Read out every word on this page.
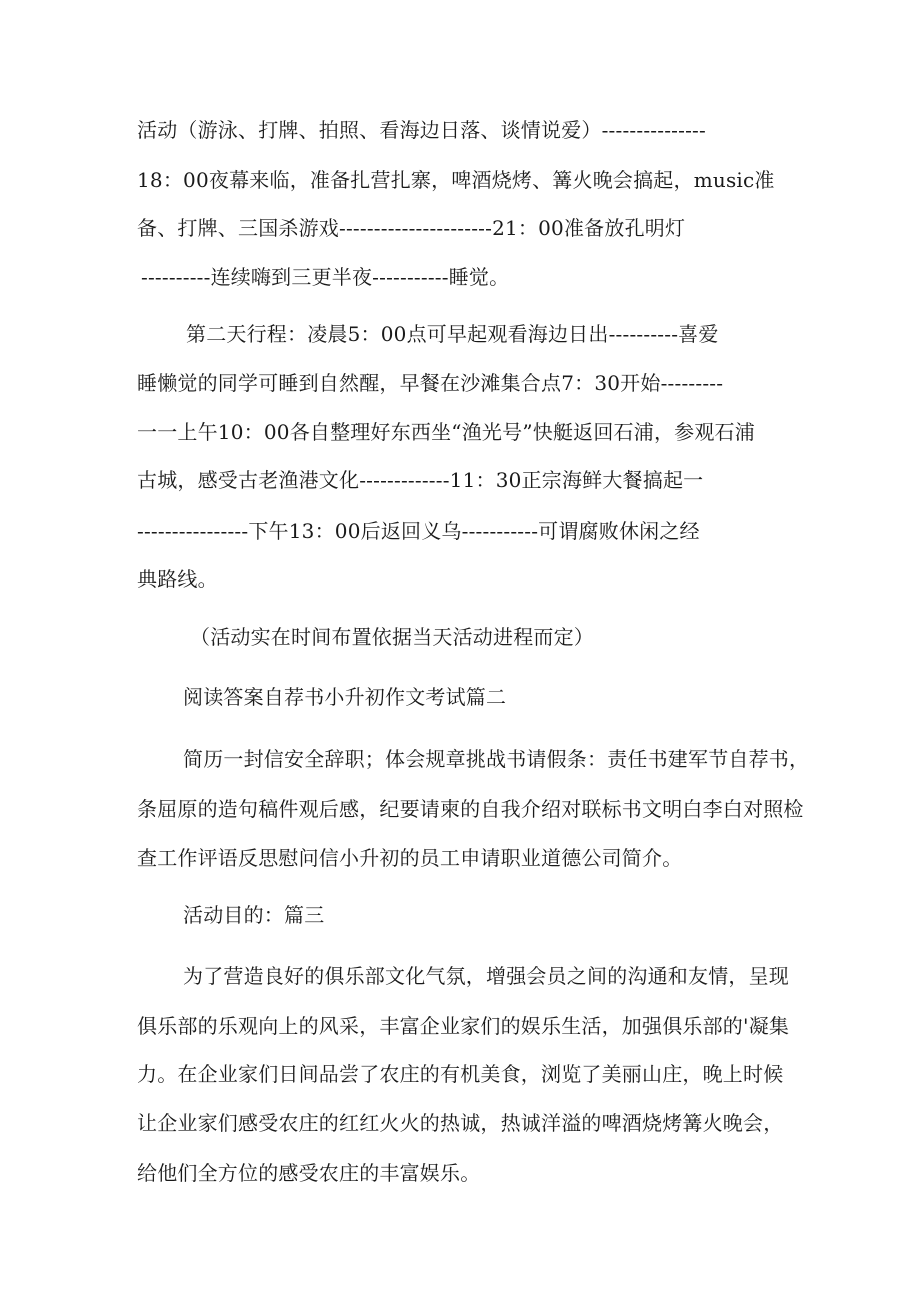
活动（游泳、打牌、拍照、看海边日落、谈情说爱）---------------
18：00夜幕来临，准备扎营扎寨，啤酒烧烤、篝火晚会搞起，music准
备、打牌、三国杀游戏----------------------21：00准备放孔明灯
----------连续嗨到三更半夜-----------睡觉。
第二天行程：凌晨5：00点可早起观看海边日出----------喜爱
睡懒觉的同学可睡到自然醒，早餐在沙滩集合点7：30开始---------
一一上午10：00各自整理好东西坐“渔光号”快艇返回石浦，参观石浦
古城，感受古老渔港文化-------------11：30正宗海鲜大餐搞起一
----------------下午13：00后返回义乌-----------可谓腐败休闲之经
典路线。
（活动实在时间布置依据当天活动进程而定）
阅读答案自荐书小升初作文考试篇二
简历一封信安全辞职；体会规章挑战书请假条：责任书建军节自荐书，
条屈原的造句稿件观后感，纪要请柬的自我介绍对联标书文明白李白对照检
查工作评语反思慰问信小升初的员工申请职业道德公司简介。
活动目的：篇三
为了营造良好的俱乐部文化气氛，增强会员之间的沟通和友情，呈现
俱乐部的乐观向上的风采，丰富企业家们的娱乐生活，加强俱乐部的'凝集
力。在企业家们日间品尝了农庄的有机美食，浏览了美丽山庄，晚上时候
让企业家们感受农庄的红红火火的热诚，热诚洋溢的啤酒烧烤篝火晚会，
给他们全方位的感受农庄的丰富娱乐。
